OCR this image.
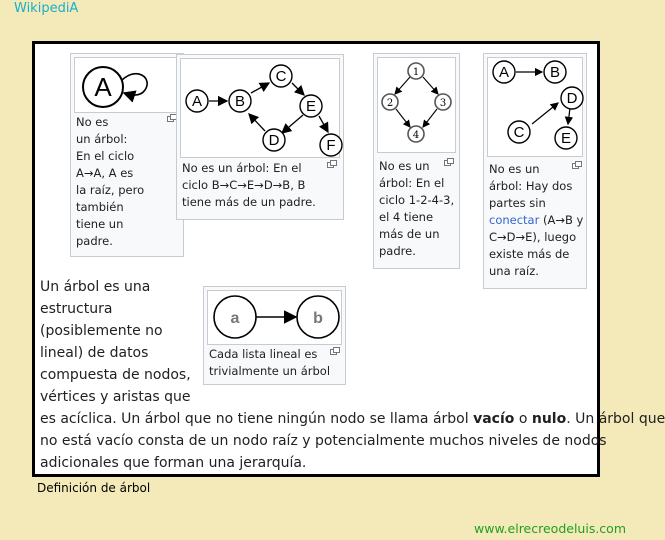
WikipediA
A
No es
un árbol:
En el ciclo
A→A, A es
la raíz, pero
también
tiene un
padre.
A B
C
E
D	F
No es un árbol: En el
ciclo B→C→E→D→B, B
tiene más de un padre.
1
2	3
4
No es un
árbol: En el
ciclo 1-2-4-3,
el 4 tiene
más de un
padre.
A	B
D
C E
No es un
árbol: Hay dos
partes sin
conectar (A→B y
C→D→E), luego
existe más de
una raíz.
a	b
Cada lista lineal es
trivialmente un árbol
Un árbol es una
estructura
(posiblemente no
lineal) de datos
compuesta de nodos,
vértices y aristas que
es acíclica. Un árbol que no tiene ningún nodo se llama árbol vacío o nulo. Un árbol que
no está vacío consta de un nodo raíz y potencialmente muchos niveles de nodos
adicionales que forman una jerarquía.
Definición de árbol
www.elrecreodeluis.com
